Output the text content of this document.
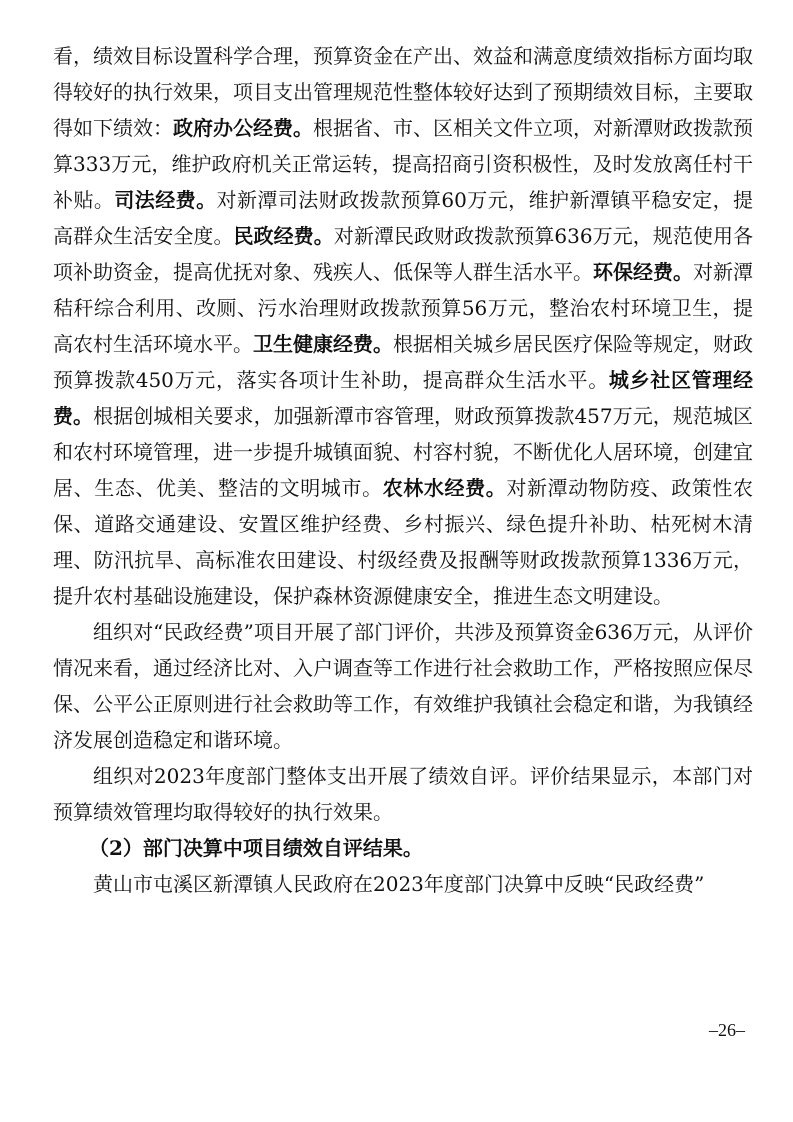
看，绩效目标设置科学合理，预算资金在产出、效益和满意度绩效指标方面均取得较好的执行效果，项目支出管理规范性整体较好达到了预期绩效目标，主要取得如下绩效：政府办公经费。根据省、市、区相关文件立项，对新潭财政拨款预算333万元，维护政府机关正常运转，提高招商引资积极性，及时发放离任村干补贴。司法经费。对新潭司法财政拨款预算60万元，维护新潭镇平稳安定，提高群众生活安全度。民政经费。对新潭民政财政拨款预算636万元，规范使用各项补助资金，提高优抚对象、残疾人、低保等人群生活水平。环保经费。对新潭秸秆综合利用、改厕、污水治理财政拨款预算56万元，整治农村环境卫生，提高农村生活环境水平。卫生健康经费。根据相关城乡居民医疗保险等规定，财政预算拨款450万元，落实各项计生补助，提高群众生活水平。城乡社区管理经费。根据创城相关要求，加强新潭市容管理，财政预算拨款457万元，规范城区和农村环境管理，进一步提升城镇面貌、村容村貌，不断优化人居环境，创建宜居、生态、优美、整洁的文明城市。农林水经费。对新潭动物防疫、政策性农保、道路交通建设、安置区维护经费、乡村振兴、绿色提升补助、枯死树木清理、防汛抗旱、高标准农田建设、村级经费及报酬等财政拨款预算1336万元，提升农村基础设施建设，保护森林资源健康安全，推进生态文明建设。

组织对“民政经费”项目开展了部门评价，共涉及预算资金636万元，从评价情况来看，通过经济比对、入户调查等工作进行社会救助工作，严格按照应保尽保、公平公正原则进行社会救助等工作，有效维护我镇社会稳定和谐，为我镇经济发展创造稳定和谐环境。

组织对2023年度部门整体支出开展了绩效自评。评价结果显示，本部门对预算绩效管理均取得较好的执行效果。

（2）部门决算中项目绩效自评结果。

黄山市屯溪区新潭镇人民政府在2023年度部门决算中反映“民政经费”

–26–
